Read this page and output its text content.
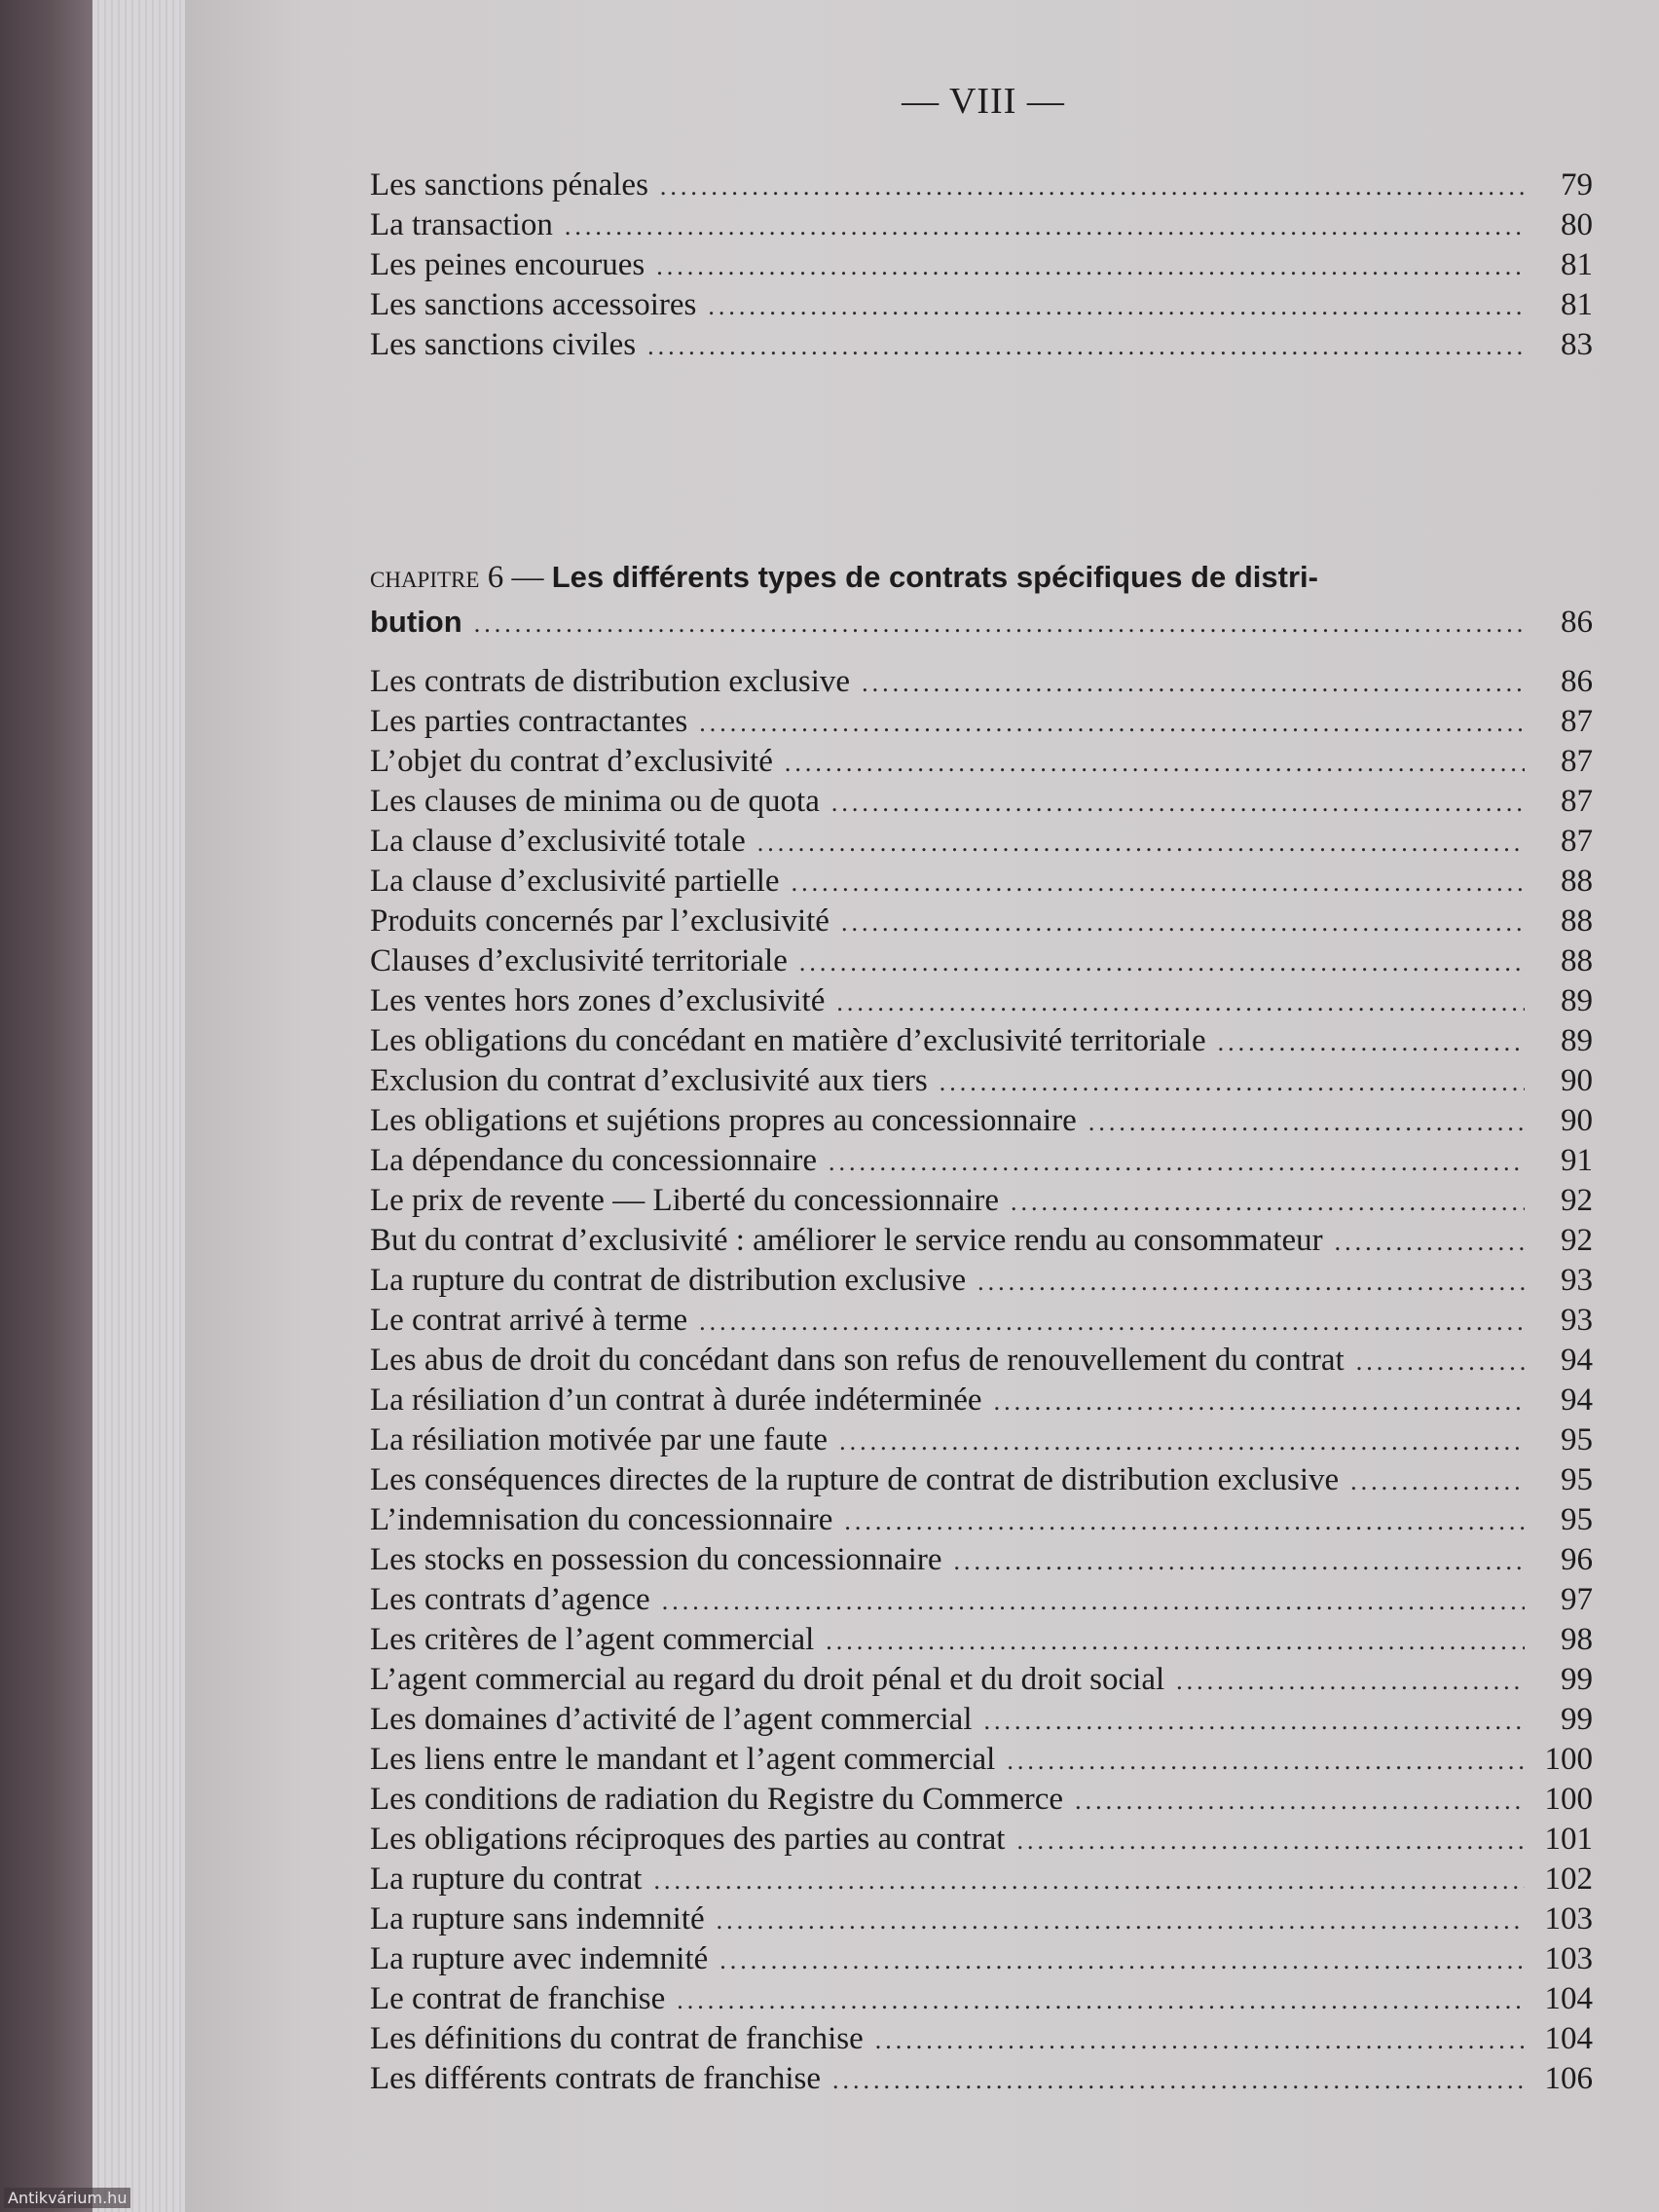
— VIII —
Les sanctions pénales .....	79
La transaction .....	80
Les peines encourues .....	81
Les sanctions accessoires .....	81
Les sanctions civiles .....	83
chapitre 6 — Les différents types de contrats spécifiques de distri-
bution .....	86
Les contrats de distribution exclusive .....	86
Les parties contractantes .....	87
L’objet du contrat d’exclusivité .....	87
Les clauses de minima ou de quota .....	87
La clause d’exclusivité totale .....	87
La clause d’exclusivité partielle .....	88
Produits concernés par l’exclusivité .....	88
Clauses d’exclusivité territoriale .....	88
Les ventes hors zones d’exclusivité .....	89
Les obligations du concédant en matière d’exclusivité territoriale .....	89
Exclusion du contrat d’exclusivité aux tiers .....	90
Les obligations et sujétions propres au concessionnaire .....	90
La dépendance du concessionnaire .....	91
Le prix de revente — Liberté du concessionnaire .....	92
But du contrat d’exclusivité : améliorer le service rendu au consommateur .....	92
La rupture du contrat de distribution exclusive .....	93
Le contrat arrivé à terme .....	93
Les abus de droit du concédant dans son refus de renouvellement du contrat .....	94
La résiliation d’un contrat à durée indéterminée .....	94
La résiliation motivée par une faute .....	95
Les conséquences directes de la rupture de contrat de distribution exclusive .....	95
L’indemnisation du concessionnaire .....	95
Les stocks en possession du concessionnaire .....	96
Les contrats d’agence .....	97
Les critères de l’agent commercial .....	98
L’agent commercial au regard du droit pénal et du droit social .....	99
Les domaines d’activité de l’agent commercial .....	99
Les liens entre le mandant et l’agent commercial .....	100
Les conditions de radiation du Registre du Commerce .....	100
Les obligations réciproques des parties au contrat .....	101
La rupture du contrat .....	102
La rupture sans indemnité .....	103
La rupture avec indemnité .....	103
Le contrat de franchise .....	104
Les définitions du contrat de franchise .....	104
Les différents contrats de franchise .....	106
Antikvárium.hu
